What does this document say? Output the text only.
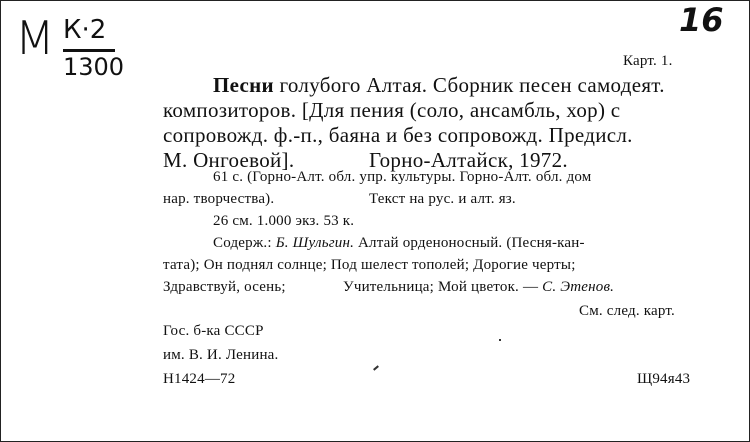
М К·2
1300
16
Карт. 1.
Песни голубого Алтая. Сборник песен самодеят.
композиторов. [Для пения (соло, ансамбль, хор) с
сопровожд. ф.-п., баяна и без сопровожд. Предисл.
М. Онгоевой].	Горно-Алтайск, 1972.
61 с. (Горно-Алт. обл. упр. культуры. Горно-Алт. обл. дом
нар. творчества).	Текст на рус. и алт. яз.
26 см. 1.000 экз. 53 к.
Содерж.: Б. Шульгин. Алтай орденоносный. (Песня-кан-
тата); Он поднял солнце; Под шелест тополей; Дорогие черты;
Здравствуй, осень;	Учительница; Мой цветок. — С. Этенов.
См. след. карт.
Гос. б-ка СССР
им. В. И. Ленина.
Н1424—72	Щ94я43
